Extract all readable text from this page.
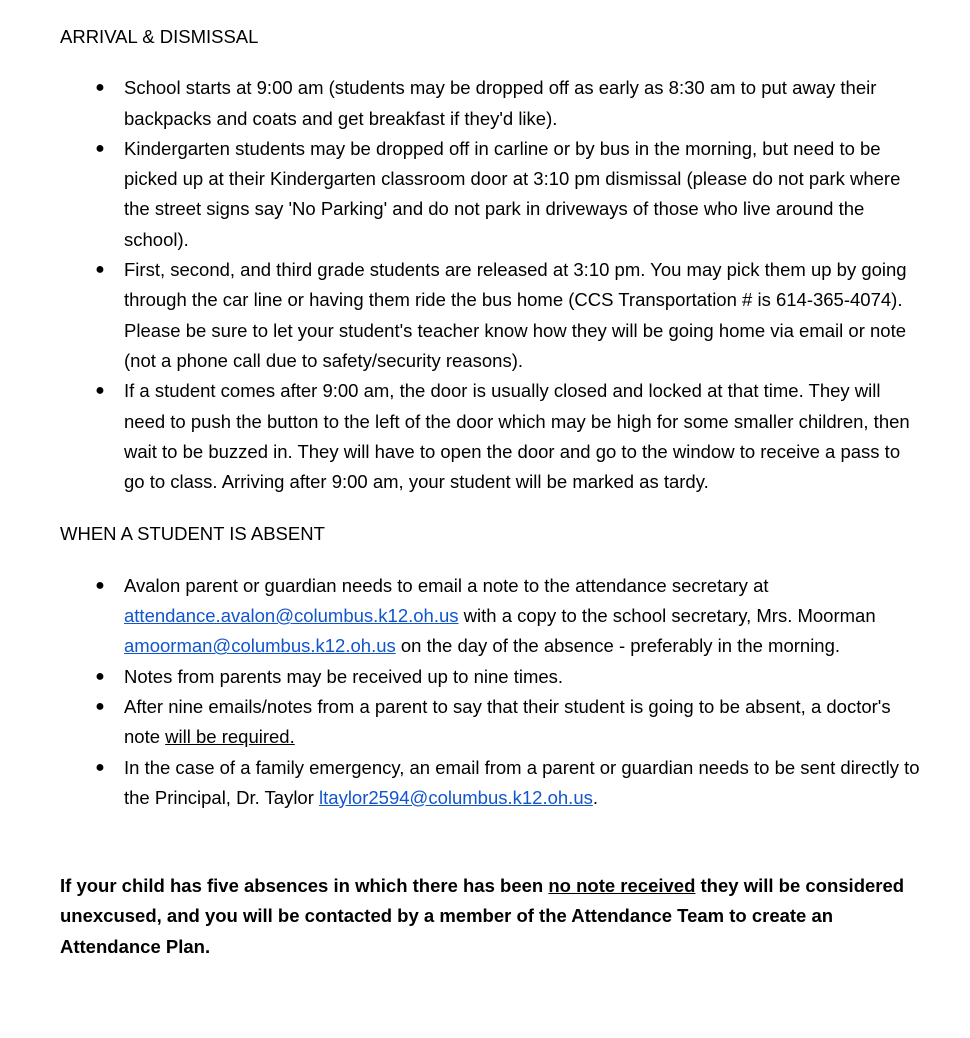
ARRIVAL & DISMISSAL

● School starts at 9:00 am (students may be dropped off as early as 8:30 am to put away their backpacks and coats and get breakfast if they'd like).
● Kindergarten students may be dropped off in carline or by bus in the morning, but need to be picked up at their Kindergarten classroom door at 3:10 pm dismissal (please do not park where the street signs say 'No Parking' and do not park in driveways of those who live around the school).
● First, second, and third grade students are released at 3:10 pm. You may pick them up by going through the car line or having them ride the bus home (CCS Transportation # is 614-365-4074). Please be sure to let your student's teacher know how they will be going home via email or note (not a phone call due to safety/security reasons).
● If a student comes after 9:00 am, the door is usually closed and locked at that time. They will need to push the button to the left of the door which may be high for some smaller children, then wait to be buzzed in. They will have to open the door and go to the window to receive a pass to go to class. Arriving after 9:00 am, your student will be marked as tardy.

WHEN A STUDENT IS ABSENT

● Avalon parent or guardian needs to email a note to the attendance secretary at attendance.avalon@columbus.k12.oh.us with a copy to the school secretary, Mrs. Moorman amoorman@columbus.k12.oh.us on the day of the absence - preferably in the morning.
● Notes from parents may be received up to nine times.
● After nine emails/notes from a parent to say that their student is going to be absent, a doctor's note will be required.
● In the case of a family emergency, an email from a parent or guardian needs to be sent directly to the Principal, Dr. Taylor ltaylor2594@columbus.k12.oh.us.

If your child has five absences in which there has been no note received they will be considered unexcused, and you will be contacted by a member of the Attendance Team to create an Attendance Plan.
